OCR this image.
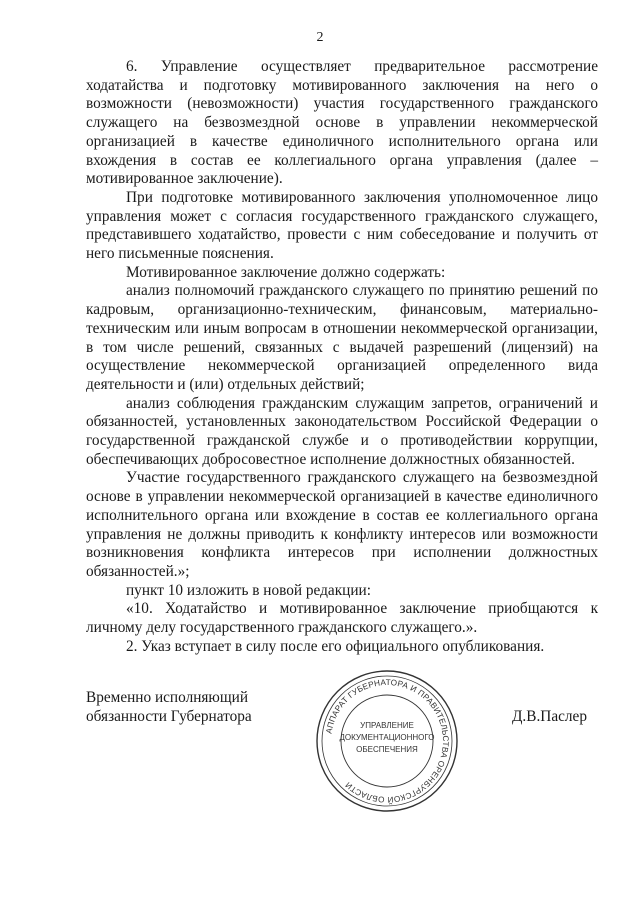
2

6. Управление осуществляет предварительное рассмотрение ходатайства и подготовку мотивированного заключения на него о возможности (невозможности) участия государственного гражданского служащего на безвозмездной основе в управлении некоммерческой организацией в качестве единоличного исполнительного органа или вхождения в состав ее коллегиального органа управления (далее – мотивированное заключение).

При подготовке мотивированного заключения уполномоченное лицо управления может с согласия государственного гражданского служащего, представившего ходатайство, провести с ним собеседование и получить от него письменные пояснения.

Мотивированное заключение должно содержать:

анализ полномочий гражданского служащего по принятию решений по кадровым, организационно-техническим, финансовым, материально-техническим или иным вопросам в отношении некоммерческой организации, в том числе решений, связанных с выдачей разрешений (лицензий) на осуществление некоммерческой организацией определенного вида деятельности и (или) отдельных действий;

анализ соблюдения гражданским служащим запретов, ограничений и обязанностей, установленных законодательством Российской Федерации о государственной гражданской службе и о противодействии коррупции, обеспечивающих добросовестное исполнение должностных обязанностей.

Участие государственного гражданского служащего на безвозмездной основе в управлении некоммерческой организацией в качестве единоличного исполнительного органа или вхождение в состав ее коллегиального органа управления не должны приводить к конфликту интересов или возможности возникновения конфликта интересов при исполнении должностных обязанностей.»;

пункт 10 изложить в новой редакции:

«10. Ходатайство и мотивированное заключение приобщаются к личному делу государственного гражданского служащего.».

2. Указ вступает в силу после его официального опубликования.

Временно исполняющий
обязанности Губернатора	Д.В.Паслер
АППАРАТ ГУБЕРНАТОРА И ПРАВИТЕЛЬСТВА ОРЕНБУРГСКОЙ ОБЛАСТИ
УПРАВЛЕНИЕ
ДОКУМЕНТАЦИОННОГО
ОБЕСПЕЧЕНИЯ
